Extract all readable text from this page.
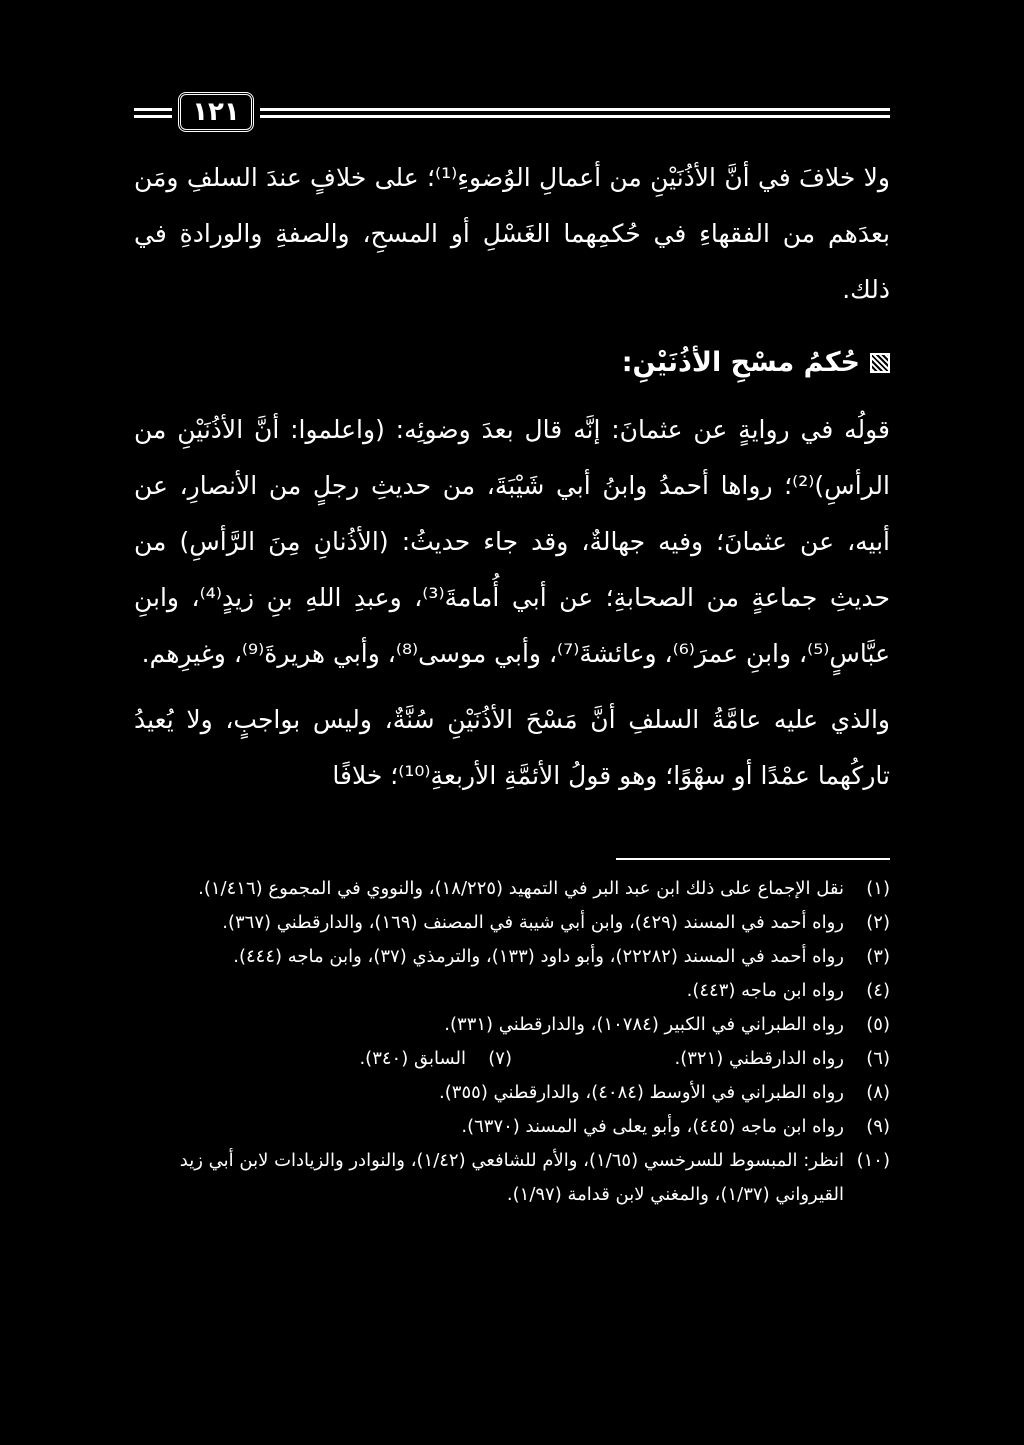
١٢١

ولا خلافَ في أنَّ الأذُنَيْنِ من أعمالِ الوُضوءِ⁽¹⁾؛ على خلافٍ عندَ السلفِ ومَن بعدَهم من الفقهاءِ في حُكمِهما الغَسْلِ أو المسحِ، والصفةِ والورادةِ في ذلك.

حُكمُ مسْحِ الأذُنَيْنِ:

قولُه في روايةٍ عن عثمانَ: إنَّه قال بعدَ وضوئِه: (واعلموا: أنَّ الأذُنَيْنِ من الرأسِ)⁽²⁾؛ رواها أحمدُ وابنُ أبي شَيْبَةَ، من حديثِ رجلٍ من الأنصارِ، عن أبيه، عن عثمانَ؛ وفيه جهالةٌ، وقد جاء حديثُ: (الأذُنانِ مِنَ الرَّأسِ) من حديثِ جماعةٍ من الصحابةِ؛ عن أبي أُمامةَ⁽³⁾، وعبدِ اللهِ بنِ زيدٍ⁽⁴⁾، وابنِ عبَّاسٍ⁽⁵⁾، وابنِ عمرَ⁽⁶⁾، وعائشةَ⁽⁷⁾، وأبي موسى⁽⁸⁾، وأبي هريرةَ⁽⁹⁾، وغيرِهم.

والذي عليه عامَّةُ السلفِ أنَّ مَسْحَ الأذُنَيْنِ سُنَّةٌ، وليس بواجبٍ، ولا يُعيدُ تاركُهما عمْدًا أو سهْوًا؛ وهو قولُ الأئمَّةِ الأربعةِ⁽¹⁰⁾؛ خلافًا

(١)
نقل الإجماع على ذلك ابن عبد البر في التمهيد (١٨/٢٢٥)، والنووي في المجموع (١/٤١٦).
(٢)
رواه أحمد في المسند (٤٢٩)، وابن أبي شيبة في المصنف (١٦٩)، والدارقطني (٣٦٧).
(٣)
رواه أحمد في المسند (٢٢٢٨٢)، وأبو داود (١٣٣)، والترمذي (٣٧)، وابن ماجه (٤٤٤).
(٤)
رواه ابن ماجه (٤٤٣).
(٥)
رواه الطبراني في الكبير (١٠٧٨٤)، والدارقطني (٣٣١).
(٦)
رواه الدارقطني (٣٢١).
(٧)
السابق (٣٤٠).
(٨)
رواه الطبراني في الأوسط (٤٠٨٤)، والدارقطني (٣٥٥).
(٩)
رواه ابن ماجه (٤٤٥)، وأبو يعلى في المسند (٦٣٧٠).
(١٠)
انظر: المبسوط للسرخسي (١/٦٥)، والأم للشافعي (١/٤٢)، والنوادر والزيادات لابن أبي زيد القيرواني (١/٣٧)، والمغني لابن قدامة (١/٩٧).
